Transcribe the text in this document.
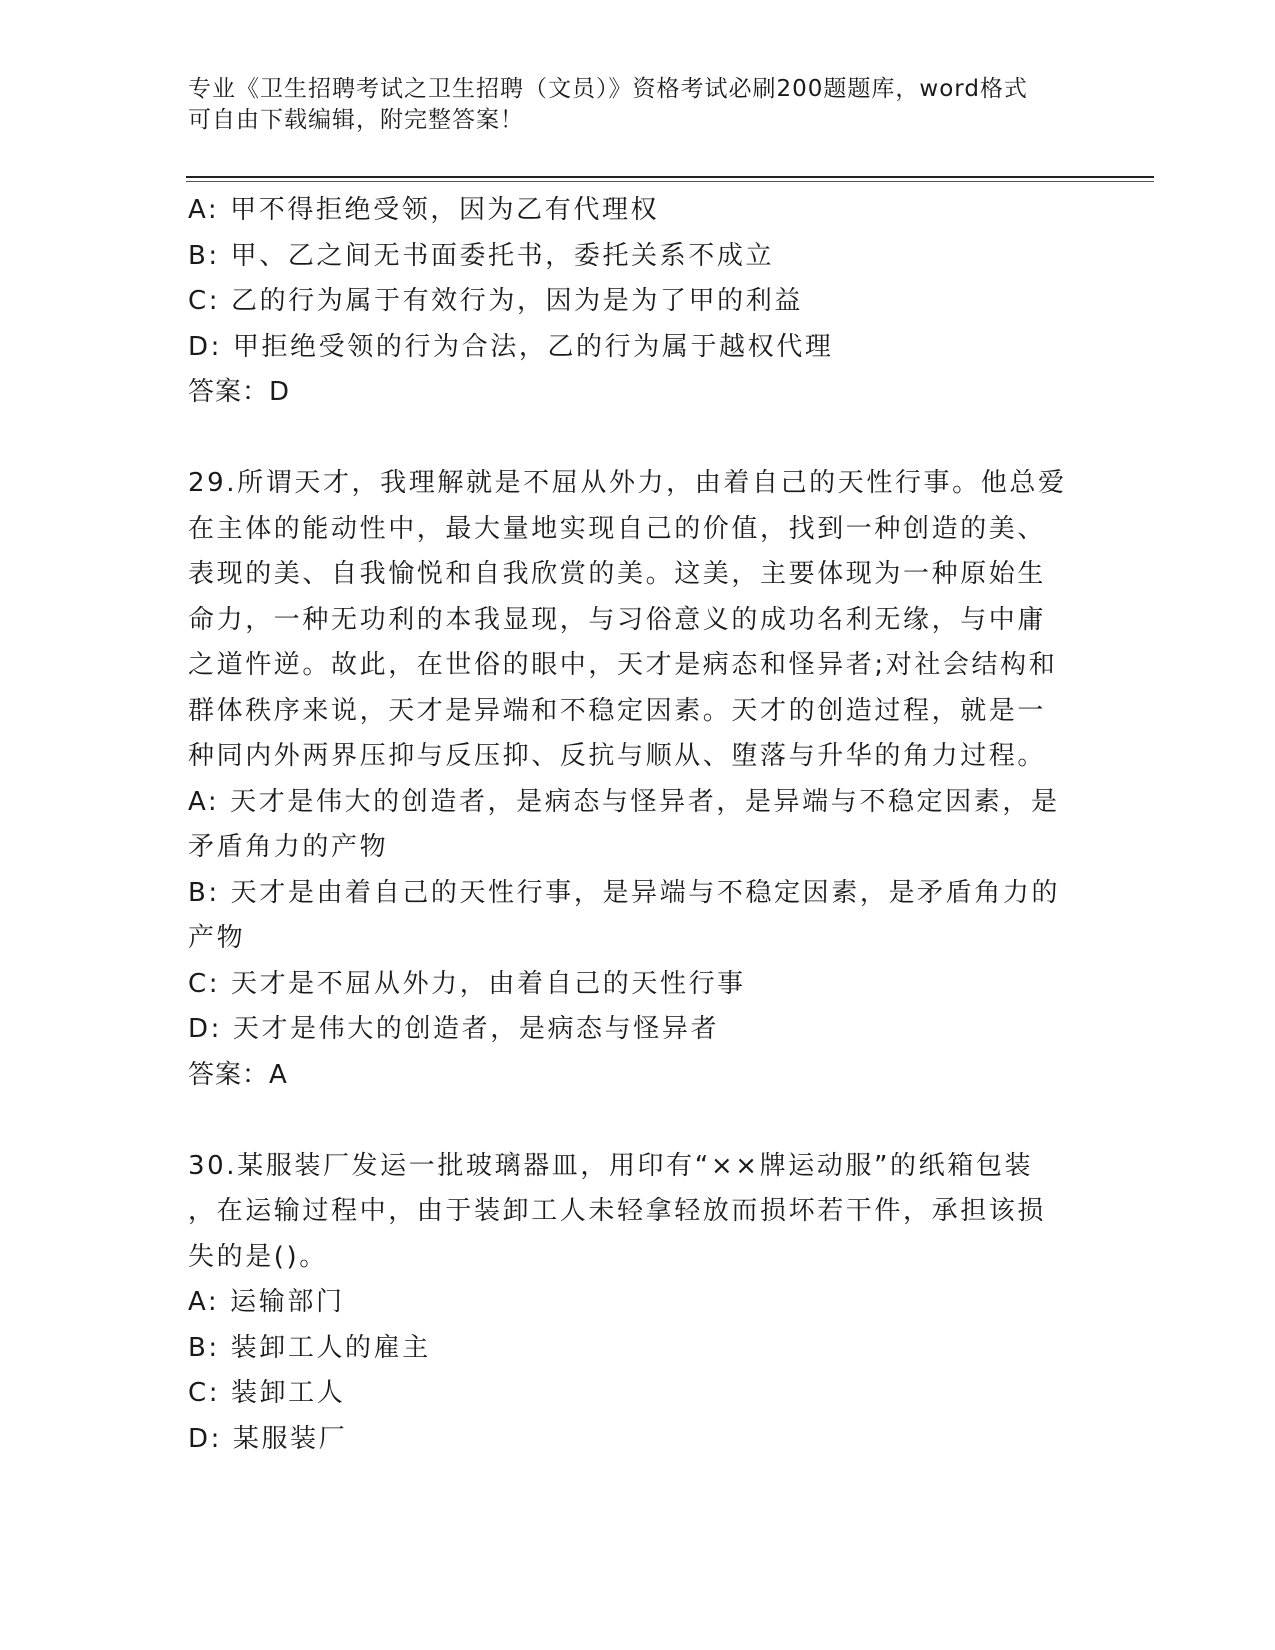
专业《卫生招聘考试之卫生招聘（文员）》资格考试必刷200题题库，word格式
可自由下载编辑，附完整答案！
A: 甲不得拒绝受领，因为乙有代理权
B: 甲、乙之间无书面委托书，委托关系不成立
C: 乙的行为属于有效行为，因为是为了甲的利益
D: 甲拒绝受领的行为合法，乙的行为属于越权代理
答案：D
29.所谓天才，我理解就是不屈从外力，由着自己的天性行事。他总爱
在主体的能动性中，最大量地实现自己的价值，找到一种创造的美、
表现的美、自我愉悦和自我欣赏的美。这美，主要体现为一种原始生
命力，一种无功利的本我显现，与习俗意义的成功名利无缘，与中庸
之道忤逆。故此，在世俗的眼中，天才是病态和怪异者;对社会结构和
群体秩序来说，天才是异端和不稳定因素。天才的创造过程，就是一
种同内外两界压抑与反压抑、反抗与顺从、堕落与升华的角力过程。
A: 天才是伟大的创造者，是病态与怪异者，是异端与不稳定因素，是
矛盾角力的产物
B: 天才是由着自己的天性行事，是异端与不稳定因素，是矛盾角力的
产物
C: 天才是不屈从外力，由着自己的天性行事
D: 天才是伟大的创造者，是病态与怪异者
答案：A
30.某服装厂发运一批玻璃器皿，用印有“××牌运动服”的纸箱包装
，在运输过程中，由于装卸工人未轻拿轻放而损坏若干件，承担该损
失的是()。
A: 运输部门
B: 装卸工人的雇主
C: 装卸工人
D: 某服装厂
